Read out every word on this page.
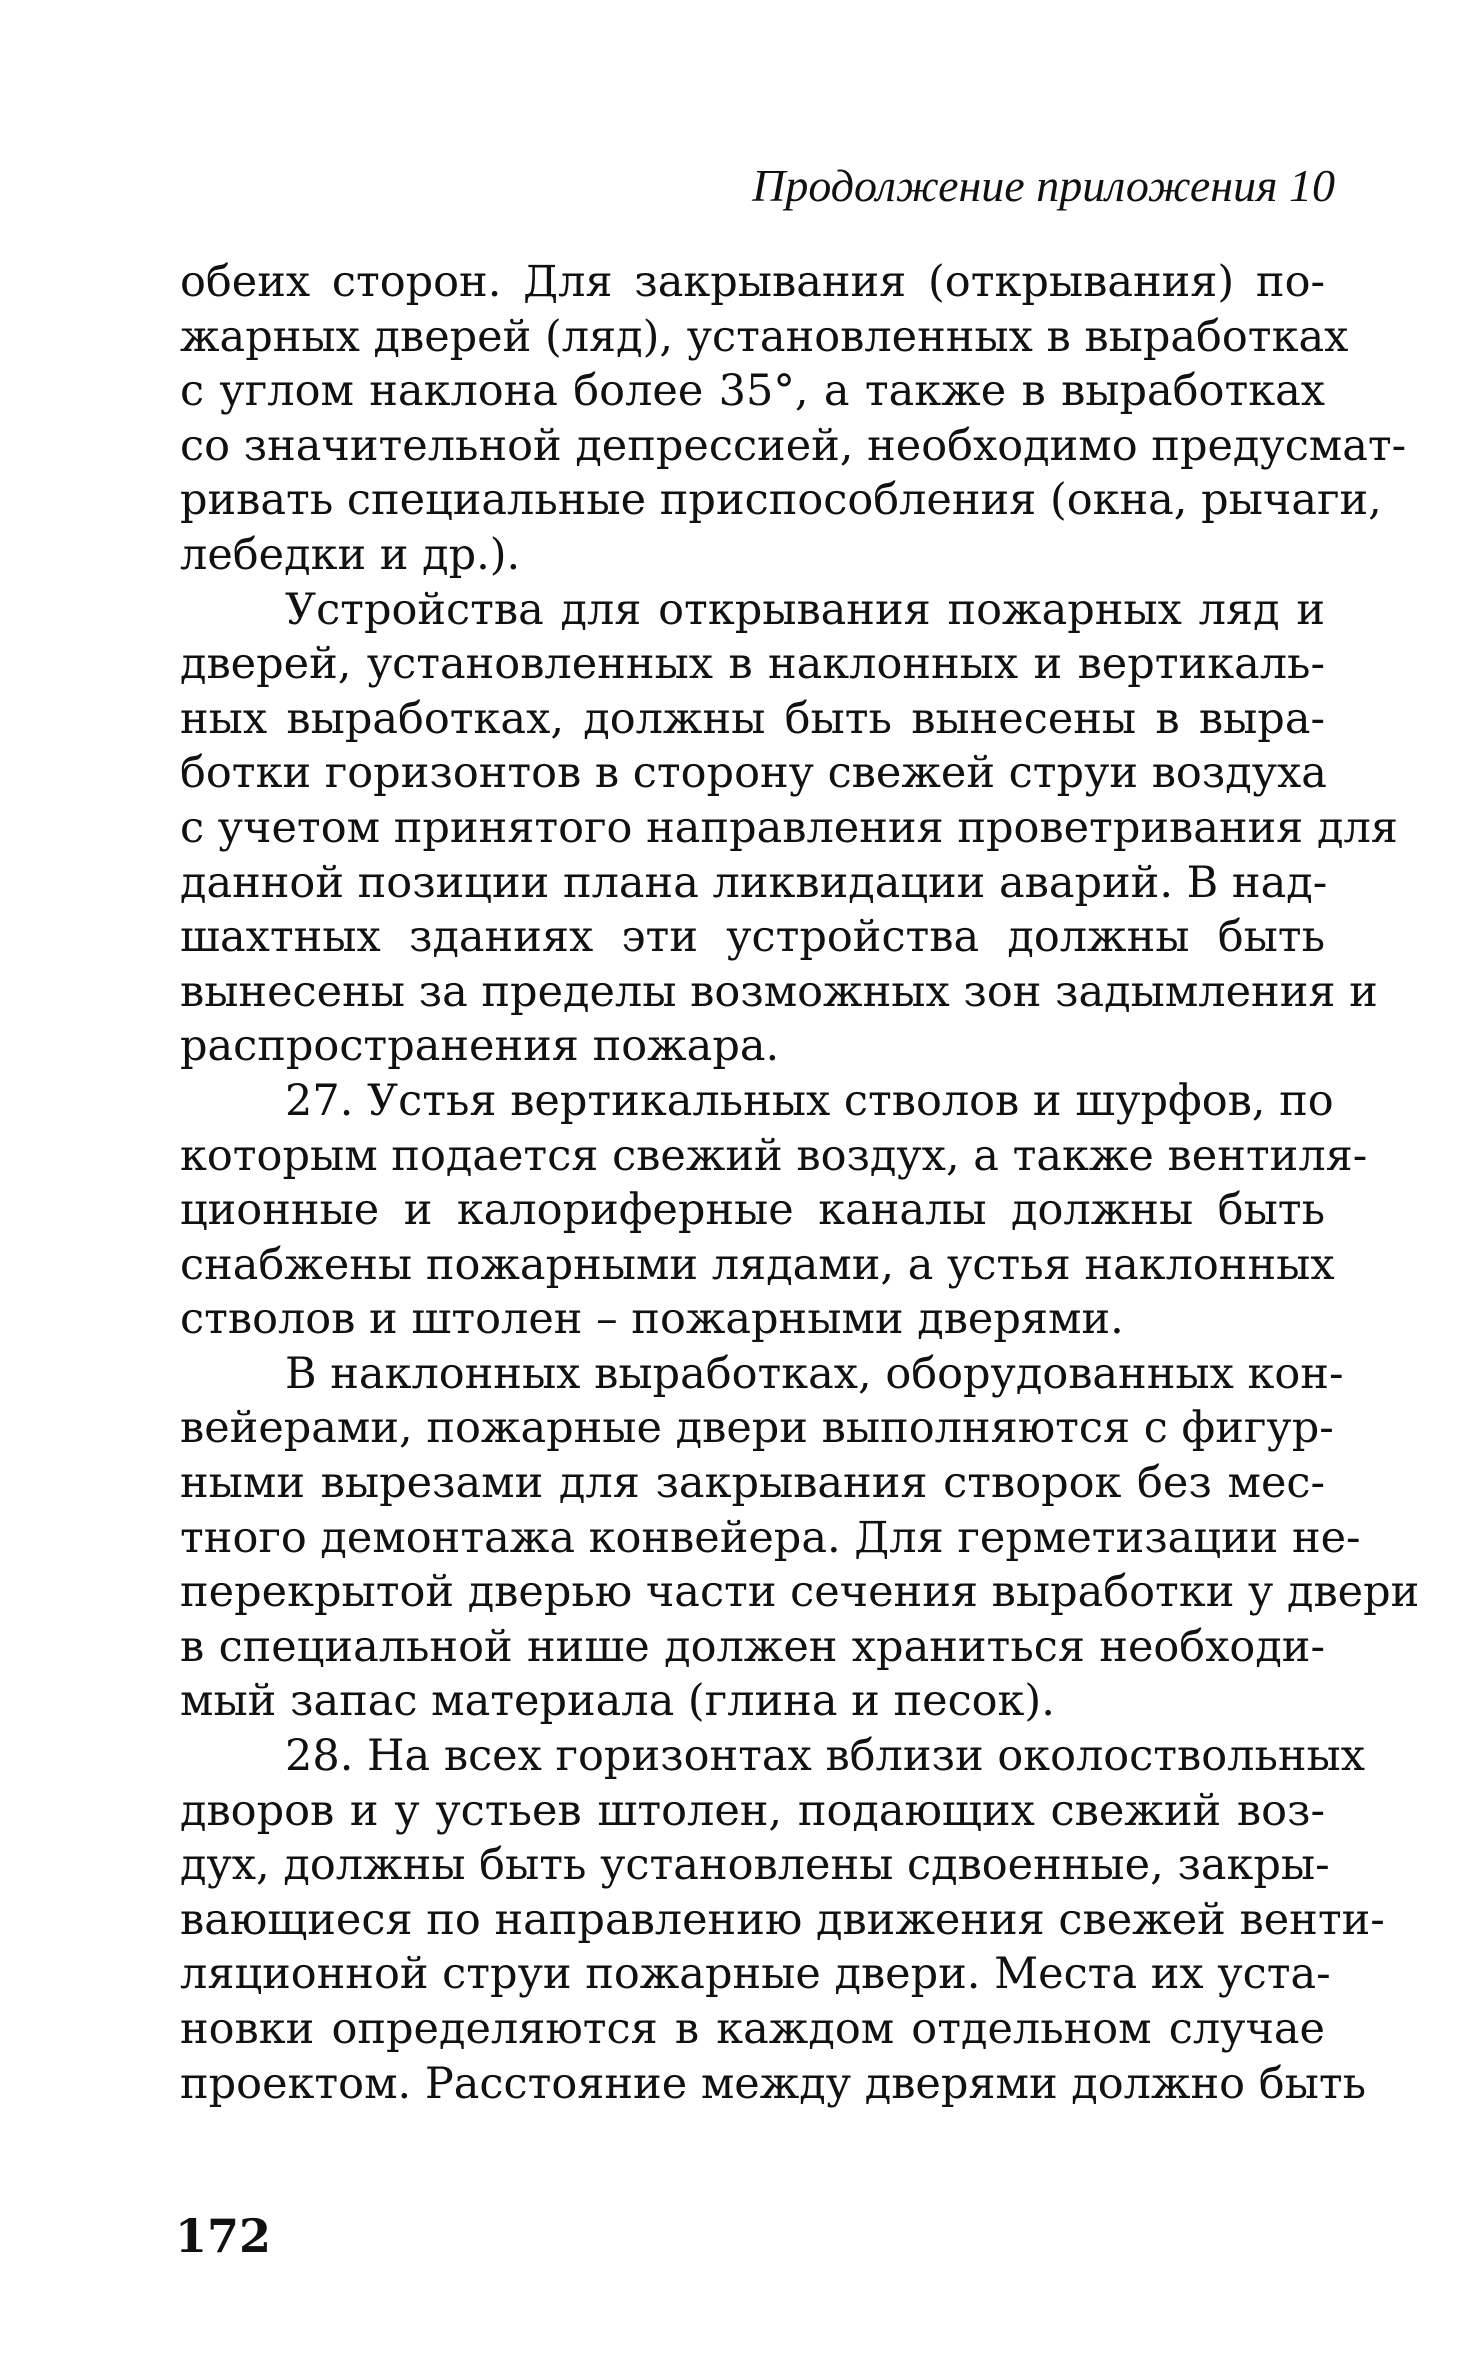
Продолжение приложения 10
обеих сторон. Для закрывания (открывания) по-
жарных дверей (ляд), установленных в выработках
с углом наклона более 35°, а также в выработках
со значительной депрессией, необходимо предусмат-
ривать специальные приспособления (окна, рычаги,
лебедки и др.).
Устройства для открывания пожарных ляд и
дверей, установленных в наклонных и вертикаль-
ных выработках, должны быть вынесены в выра-
ботки горизонтов в сторону свежей струи воздуха
с учетом принятого направления проветривания для
данной позиции плана ликвидации аварий. В над-
шахтных зданиях эти устройства должны быть
вынесены за пределы возможных зон задымления и
распространения пожара.
27. Устья вертикальных стволов и шурфов, по
которым подается свежий воздух, а также вентиля-
ционные и калориферные каналы должны быть
снабжены пожарными лядами, а устья наклонных
стволов и штолен – пожарными дверями.
В наклонных выработках, оборудованных кон-
вейерами, пожарные двери выполняются с фигур-
ными вырезами для закрывания створок без мес-
тного демонтажа конвейера. Для герметизации не-
перекрытой дверью части сечения выработки у двери
в специальной нише должен храниться необходи-
мый запас материала (глина и песок).
28. На всех горизонтах вблизи околоствольных
дворов и у устьев штолен, подающих свежий воз-
дух, должны быть установлены сдвоенные, закры-
вающиеся по направлению движения свежей венти-
ляционной струи пожарные двери. Места их уста-
новки определяются в каждом отдельном случае
проектом. Расстояние между дверями должно быть
172
